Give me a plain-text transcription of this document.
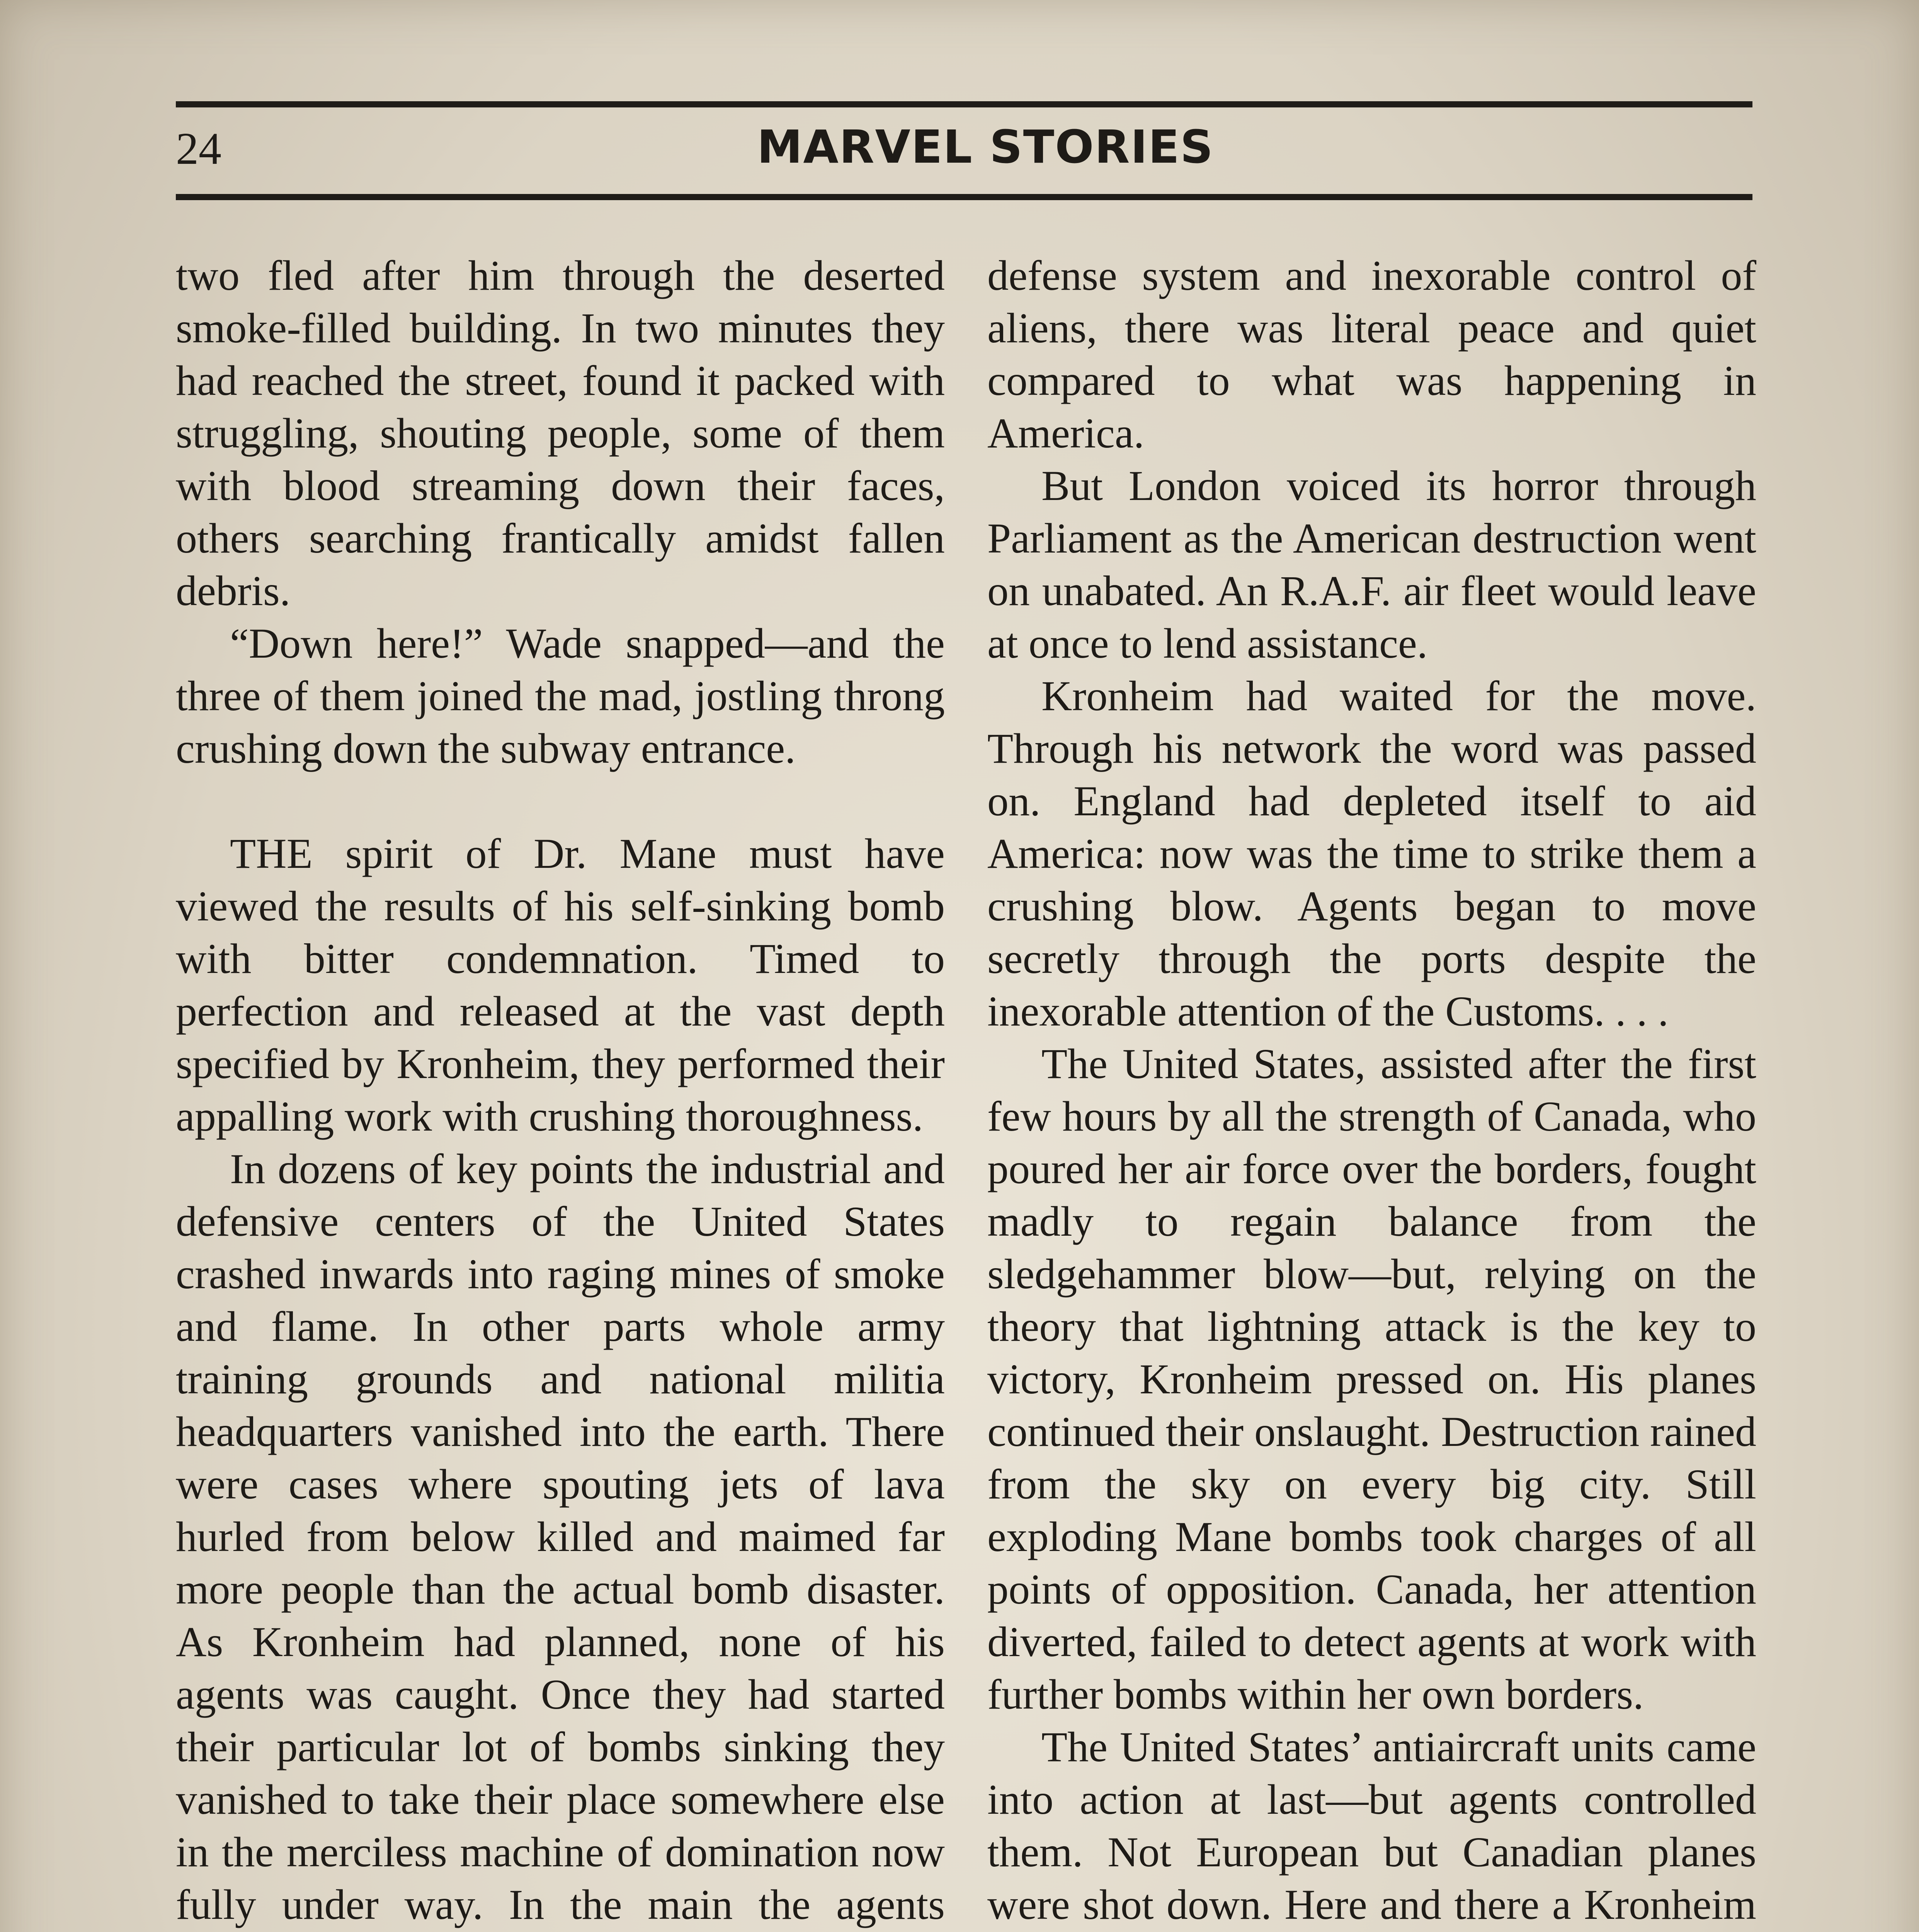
24	MARVEL STORIES

two fled after him through the deserted smoke-filled building. In two minutes they had reached the street, found it packed with struggling, shouting people, some of them with blood streaming down their faces, others searching frantically amidst fallen debris.

“Down here!” Wade snapped—and the three of them joined the mad, jostling throng crushing down the subway entrance.

THE spirit of Dr. Mane must have viewed the results of his self-sinking bomb with bitter condemnation. Timed to perfection and released at the vast depth specified by Kronheim, they performed their appalling work with crushing thoroughness.

In dozens of key points the industrial and defensive centers of the United States crashed inwards into raging mines of smoke and flame. In other parts whole army training grounds and national militia headquarters vanished into the earth. There were cases where spouting jets of lava hurled from below killed and maimed far more people than the actual bomb disaster. As Kronheim had planned, none of his agents was caught. Once they had started their particular lot of bombs sinking they vanished to take their place somewhere else in the merciless machine of domination now fully under way. In the main the agents

defense system and inexorable control of aliens, there was literal peace and quiet compared to what was happening in America.

But London voiced its horror through Parliament as the American destruction went on unabated. An R.A.F. air fleet would leave at once to lend assistance.

Kronheim had waited for the move. Through his network the word was passed on. England had depleted itself to aid America: now was the time to strike them a crushing blow. Agents began to move secretly through the ports despite the inexorable attention of the Customs. . . .

The United States, assisted after the first few hours by all the strength of Canada, who poured her air force over the borders, fought madly to regain balance from the sledgehammer blow—but, relying on the theory that lightning attack is the key to victory, Kronheim pressed on. His planes continued their onslaught. Destruction rained from the sky on every big city. Still exploding Mane bombs took charges of all points of opposition. Canada, her attention diverted, failed to detect agents at work with further bombs within her own borders.

The United States’ antiaircraft units came into action at last—but agents controlled them. Not European but Canadian planes were shot down. Here and there a Kronheim
